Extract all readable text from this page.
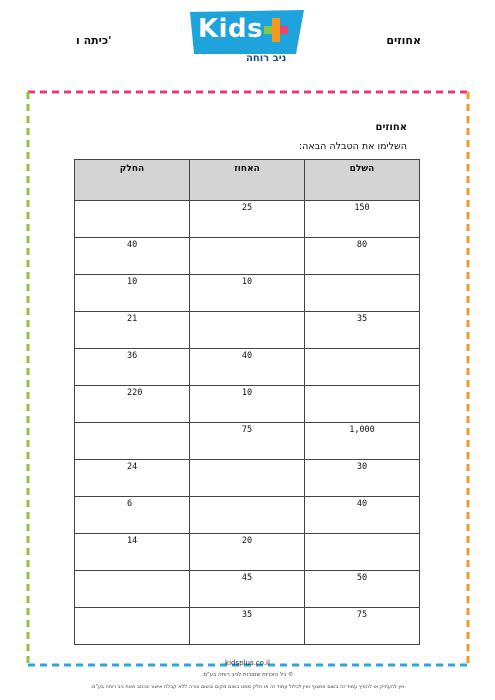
אחוזים
כיתה ו'	Kids
ניב רוחה
אחוזים
השלימו את הטבלה הבאה:
החלק	האחוז	השלם
	25	150
40		80
10	10	
21		35
36	40	
220	10	
	75	1,000
24		30
6		40
14	20	
	45	50
	35	75
kidsplus.co.il
© כל הזכויות שמורות לניב רוחה בע"מ.
אין להעתיק או להפיץ עמוד זה בשום אמצעי ואין לכלול עמוד זה או חלק ממנו בשום מקום ובשום צורה ללא קבלת אישור בכתב מאת ניב רוחה בע"מ.
